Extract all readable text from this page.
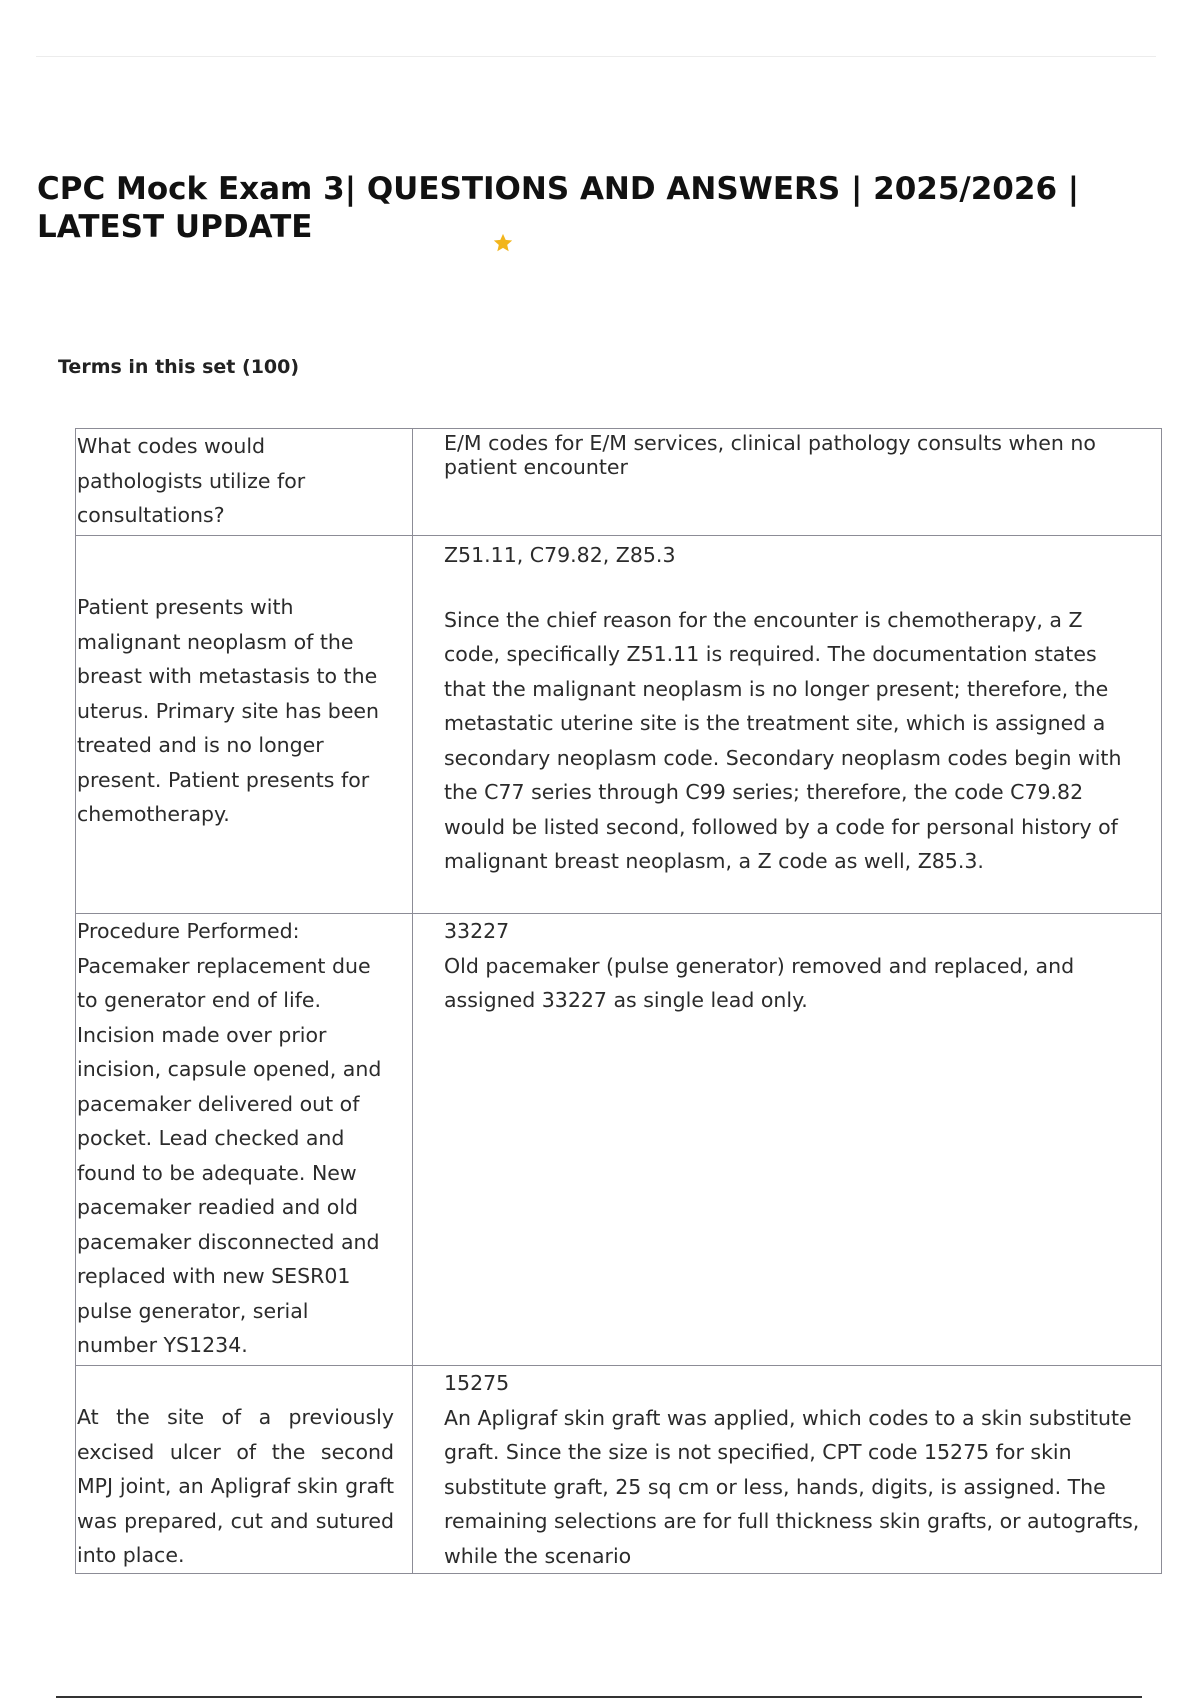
CPC Mock Exam 3| QUESTIONS AND ANSWERS | 2025/2026 | LATEST UPDATE
Terms in this set (100)
What codes would pathologists utilize for consultations?	E/M codes for E/M services, clinical pathology consults when no patient encounter

Patient presents with malignant neoplasm of the breast with metastasis to the uterus. Primary site has been treated and is no longer present. Patient presents for chemotherapy.	Z51.11, C79.82, Z85.3
Since the chief reason for the encounter is chemotherapy, a Z code, specifically Z51.11 is required. The documentation states that the malignant neoplasm is no longer present; therefore, the metastatic uterine site is the treatment site, which is assigned a secondary neoplasm code. Secondary neoplasm codes begin with the C77 series through C99 series; therefore, the code C79.82 would be listed second, followed by a code for personal history of malignant breast neoplasm, a Z code as well, Z85.3.

Procedure Performed: Pacemaker replacement due to generator end of life. Incision made over prior incision, capsule opened, and pacemaker delivered out of pocket. Lead checked and found to be adequate. New pacemaker readied and old pacemaker disconnected and replaced with new SESR01 pulse generator, serial number YS1234.	33227
Old pacemaker (pulse generator) removed and replaced, and assigned 33227 as single lead only.

At the site of a previously excised ulcer of the second MPJ joint, an Apligraf skin graft was prepared, cut and sutured into place.	15275
An Apligraf skin graft was applied, which codes to a skin substitute graft. Since the size is not specified, CPT code 15275 for skin substitute graft, 25 sq cm or less, hands, digits, is assigned. The remaining selections are for full thickness skin grafts, or autografts, while the scenario
